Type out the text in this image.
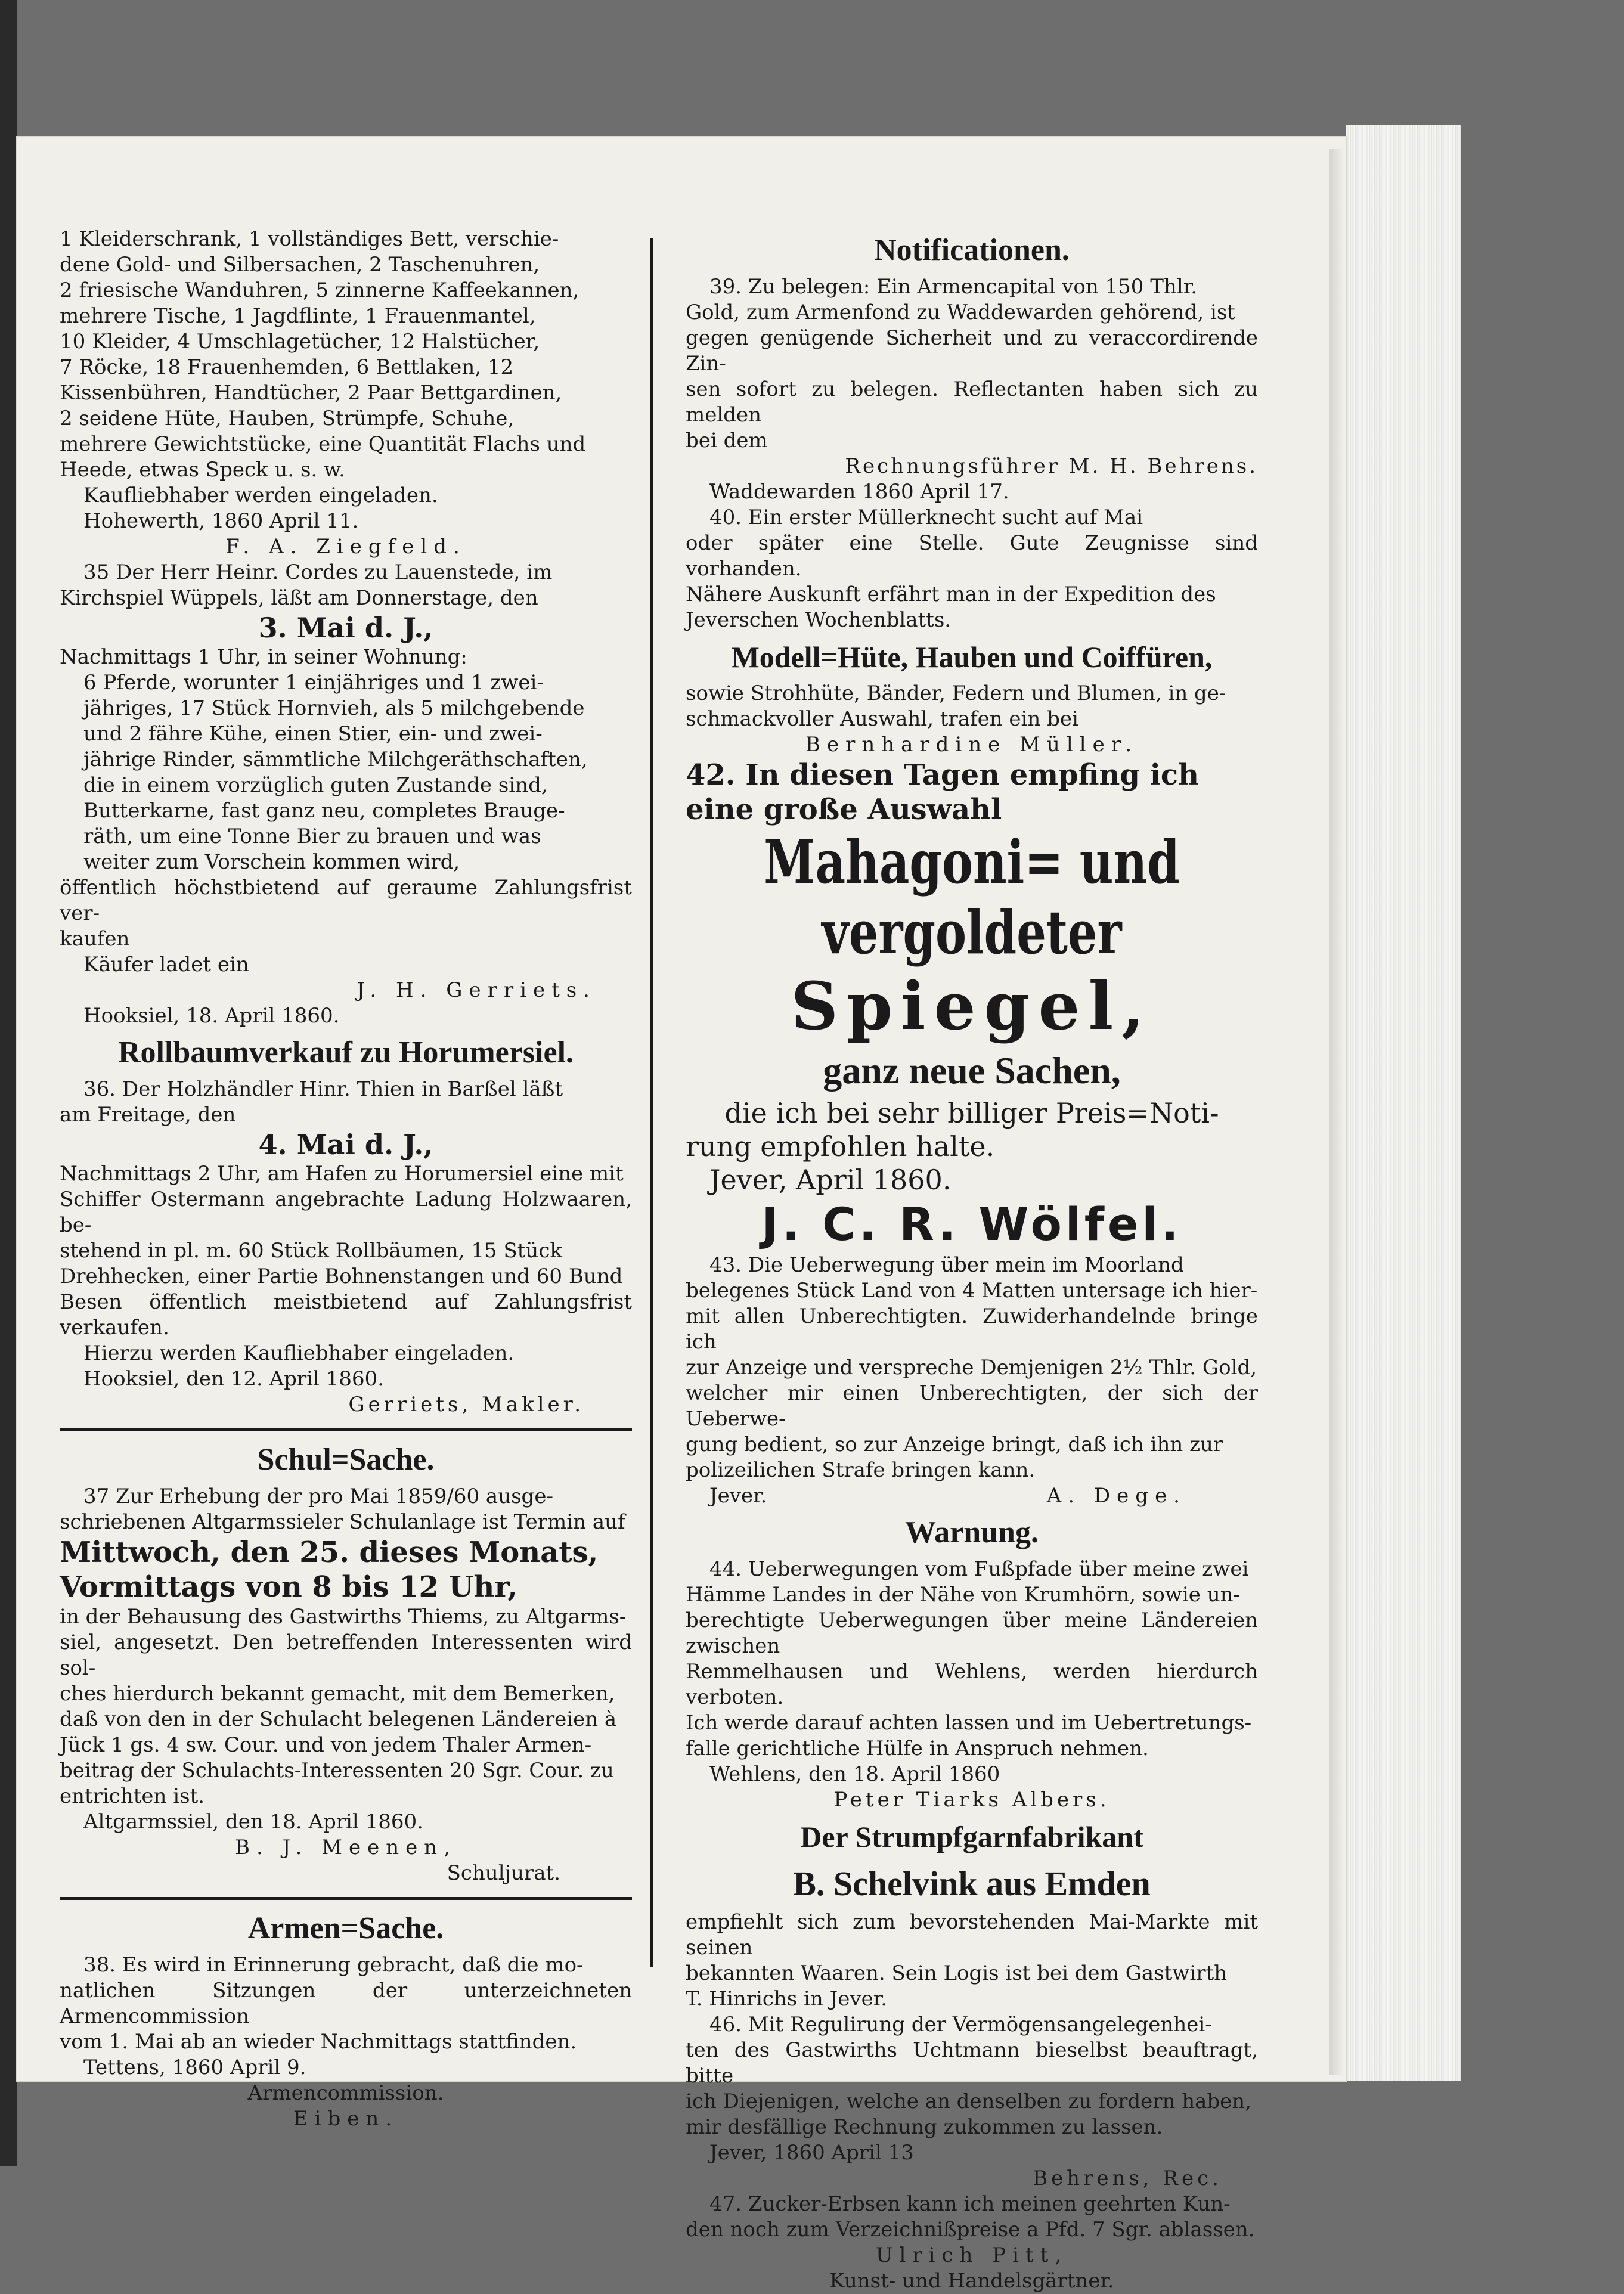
1 Kleiderschrank, 1 vollständiges Bett, verschie-

dene Gold- und Silbersachen, 2 Taschenuhren,

2 friesische Wanduhren, 5 zinnerne Kaffeekannen,

mehrere Tische, 1 Jagdflinte, 1 Frauenmantel,

10 Kleider, 4 Umschlagetücher, 12 Halstücher,

7 Röcke, 18 Frauenhemden, 6 Bettlaken, 12

Kissenbühren, Handtücher, 2 Paar Bettgardinen,

2 seidene Hüte, Hauben, Strümpfe, Schuhe,

mehrere Gewichtstücke, eine Quantität Flachs und

Heede, etwas Speck u. s. w.

Kaufliebhaber werden eingeladen.

Hohewerth, 1860 April 11.

F. A. Ziegfeld.

35 Der Herr Heinr. Cordes zu Lauenstede, im

Kirchspiel Wüppels, läßt am Donnerstage, den

3. Mai d. J.,

Nachmittags 1 Uhr, in seiner Wohnung:

6 Pferde, worunter 1 einjähriges und 1 zwei-

jähriges, 17 Stück Hornvieh, als 5 milchgebende

und 2 fähre Kühe, einen Stier, ein- und zwei-

jährige Rinder, sämmtliche Milchgeräthschaften,

die in einem vorzüglich guten Zustande sind,

Butterkarne, fast ganz neu, completes Brauge-

räth, um eine Tonne Bier zu brauen und was

weiter zum Vorschein kommen wird,

öffentlich höchstbietend auf geraume Zahlungsfrist ver-

kaufen

Käufer ladet ein

J. H. Gerriets.

Hooksiel, 18. April 1860.

Rollbaumverkauf zu Horumersiel.

36. Der Holzhändler Hinr. Thien in Barßel läßt

am Freitage, den

4. Mai d. J.,

Nachmittags 2 Uhr, am Hafen zu Horumersiel eine mit

Schiffer Ostermann angebrachte Ladung Holzwaaren, be-

stehend in pl. m. 60 Stück Rollbäumen, 15 Stück

Drehhecken, einer Partie Bohnenstangen und 60 Bund

Besen öffentlich meistbietend auf Zahlungsfrist verkaufen.

Hierzu werden Kaufliebhaber eingeladen.

Hooksiel, den 12. April 1860.

Gerriets, Makler.

Schul=Sache.

37 Zur Erhebung der pro Mai 1859/60 ausge-

schriebenen Altgarmssieler Schulanlage ist Termin auf

Mittwoch, den 25. dieses Monats,

Vormittags von 8 bis 12 Uhr,

in der Behausung des Gastwirths Thiems, zu Altgarms-

siel, angesetzt. Den betreffenden Interessenten wird sol-

ches hierdurch bekannt gemacht, mit dem Bemerken,

daß von den in der Schulacht belegenen Ländereien à

Jück 1 gs. 4 sw. Cour. und von jedem Thaler Armen-

beitrag der Schulachts-Interessenten 20 Sgr. Cour. zu

entrichten ist.

Altgarmssiel, den 18. April 1860.

B. J. Meenen,

Schuljurat.

Armen=Sache.

38. Es wird in Erinnerung gebracht, daß die mo-

natlichen Sitzungen der unterzeichneten Armencommission

vom 1. Mai ab an wieder Nachmittags stattfinden.

Tettens, 1860 April 9.

Armencommission.

Eiben.

Notificationen.

39. Zu belegen: Ein Armencapital von 150 Thlr.

Gold, zum Armenfond zu Waddewarden gehörend, ist

gegen genügende Sicherheit und zu veraccordirende Zin-

sen sofort zu belegen. Reflectanten haben sich zu melden

bei dem

Rechnungsführer M. H. Behrens.

Waddewarden 1860 April 17.

40. Ein erster Müllerknecht sucht auf Mai

oder später eine Stelle. Gute Zeugnisse sind vorhanden.

Nähere Auskunft erfährt man in der Expedition des

Jeverschen Wochenblatts.

Modell=Hüte, Hauben und Coiffüren,

sowie Strohhüte, Bänder, Federn und Blumen, in ge-

schmackvoller Auswahl, trafen ein bei

Bernhardine Müller.

42. In diesen Tagen empfing ich

eine große Auswahl

Mahagoni= und vergoldeter
Spiegel,
ganz neue Sachen,

die ich bei sehr billiger Preis=Noti-

rung empfohlen halte.

Jever, April 1860.

J. C. R. Wölfel.

43. Die Ueberwegung über mein im Moorland

belegenes Stück Land von 4 Matten untersage ich hier-

mit allen Unberechtigten. Zuwiderhandelnde bringe ich

zur Anzeige und verspreche Demjenigen 2½ Thlr. Gold,

welcher mir einen Unberechtigten, der sich der Ueberwe-

gung bedient, so zur Anzeige bringt, daß ich ihn zur

polizeilichen Strafe bringen kann.

Jever.	A. Dege.

Warnung.

44. Ueberwegungen vom Fußpfade über meine zwei

Hämme Landes in der Nähe von Krumhörn, sowie un-

berechtigte Ueberwegungen über meine Ländereien zwischen

Remmelhausen und Wehlens, werden hierdurch verboten.

Ich werde darauf achten lassen und im Uebertretungs-

falle gerichtliche Hülfe in Anspruch nehmen.

Wehlens, den 18. April 1860

Peter Tiarks Albers.

Der Strumpfgarnfabrikant
B. Schelvink aus Emden

empfiehlt sich zum bevorstehenden Mai-Markte mit seinen

bekannten Waaren. Sein Logis ist bei dem Gastwirth

T. Hinrichs in Jever.

46. Mit Regulirung der Vermögensangelegenhei-

ten des Gastwirths Uchtmann bieselbst beauftragt, bitte

ich Diejenigen, welche an denselben zu fordern haben,

mir desfällige Rechnung zukommen zu lassen.

Jever, 1860 April 13

Behrens, Rec.

47. Zucker-Erbsen kann ich meinen geehrten Kun-

den noch zum Verzeichnißpreise a Pfd. 7 Sgr. ablassen.

Ulrich Pitt,

Kunst- und Handelsgärtner.
